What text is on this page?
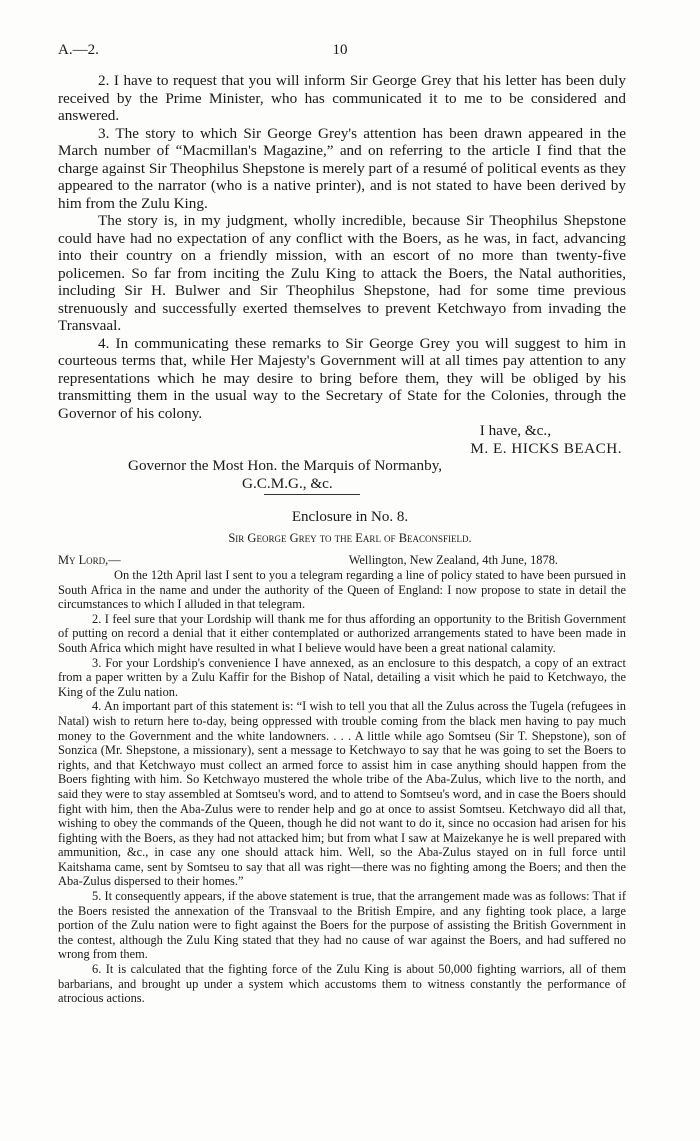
A.—2.	10

2. I have to request that you will inform Sir George Grey that his letter has been duly received by the Prime Minister, who has communicated it to me to be considered and answered.

3. The story to which Sir George Grey's attention has been drawn appeared in the March number of “Macmillan's Magazine,” and on referring to the article I find that the charge against Sir Theophilus Shepstone is merely part of a resumé of political events as they appeared to the narrator (who is a native printer), and is not stated to have been derived by him from the Zulu King.

The story is, in my judgment, wholly incredible, because Sir Theophilus Shepstone could have had no expectation of any conflict with the Boers, as he was, in fact, advancing into their country on a friendly mission, with an escort of no more than twenty-five policemen. So far from inciting the Zulu King to attack the Boers, the Natal authorities, including Sir H. Bulwer and Sir Theophilus Shepstone, had for some time previous strenuously and successfully exerted themselves to prevent Ketchwayo from invading the Transvaal.

4. In communicating these remarks to Sir George Grey you will suggest to him in courteous terms that, while Her Majesty's Government will at all times pay attention to any representations which he may desire to bring before them, they will be obliged by his transmitting them in the usual way to the Secretary of State for the Colonies, through the Governor of his colony.

I have, &c.,

M. E. HICKS BEACH.

Governor the Most Hon. the Marquis of Normanby,

G.C.M.G., &c.

Enclosure in No. 8.
Sir George Grey to the Earl of Beaconsfield.
My Lord,—	Wellington, New Zealand, 4th June, 1878.

On the 12th April last I sent to you a telegram regarding a line of policy stated to have been pursued in South Africa in the name and under the authority of the Queen of England: I now propose to state in detail the circumstances to which I alluded in that telegram.

2. I feel sure that your Lordship will thank me for thus affording an opportunity to the British Government of putting on record a denial that it either contemplated or authorized arrangements stated to have been made in South Africa which might have resulted in what I believe would have been a great national calamity.

3. For your Lordship's convenience I have annexed, as an enclosure to this despatch, a copy of an extract from a paper written by a Zulu Kaffir for the Bishop of Natal, detailing a visit which he paid to Ketchwayo, the King of the Zulu nation.

4. An important part of this statement is: “I wish to tell you that all the Zulus across the Tugela (refugees in Natal) wish to return here to-day, being oppressed with trouble coming from the black men having to pay much money to the Government and the white landowners. . . . A little while ago Somtseu (Sir T. Shepstone), son of Sonzica (Mr. Shepstone, a missionary), sent a message to Ketchwayo to say that he was going to set the Boers to rights, and that Ketchwayo must collect an armed force to assist him in case anything should happen from the Boers fighting with him. So Ketchwayo mustered the whole tribe of the Aba-Zulus, which live to the north, and said they were to stay assembled at Somtseu's word, and to attend to Somtseu's word, and in case the Boers should fight with him, then the Aba-Zulus were to render help and go at once to assist Somtseu. Ketchwayo did all that, wishing to obey the commands of the Queen, though he did not want to do it, since no occasion had arisen for his fighting with the Boers, as they had not attacked him; but from what I saw at Maizekanye he is well prepared with ammunition, &c., in case any one should attack him. Well, so the Aba-Zulus stayed on in full force until Kaitshama came, sent by Somtseu to say that all was right—there was no fighting among the Boers; and then the Aba-Zulus dispersed to their homes.”

5. It consequently appears, if the above statement is true, that the arrangement made was as follows: That if the Boers resisted the annexation of the Transvaal to the British Empire, and any fighting took place, a large portion of the Zulu nation were to fight against the Boers for the purpose of assisting the British Government in the contest, although the Zulu King stated that they had no cause of war against the Boers, and had suffered no wrong from them.

6. It is calculated that the fighting force of the Zulu King is about 50,000 fighting warriors, all of them barbarians, and brought up under a system which accustoms them to witness constantly the performance of atrocious actions.
